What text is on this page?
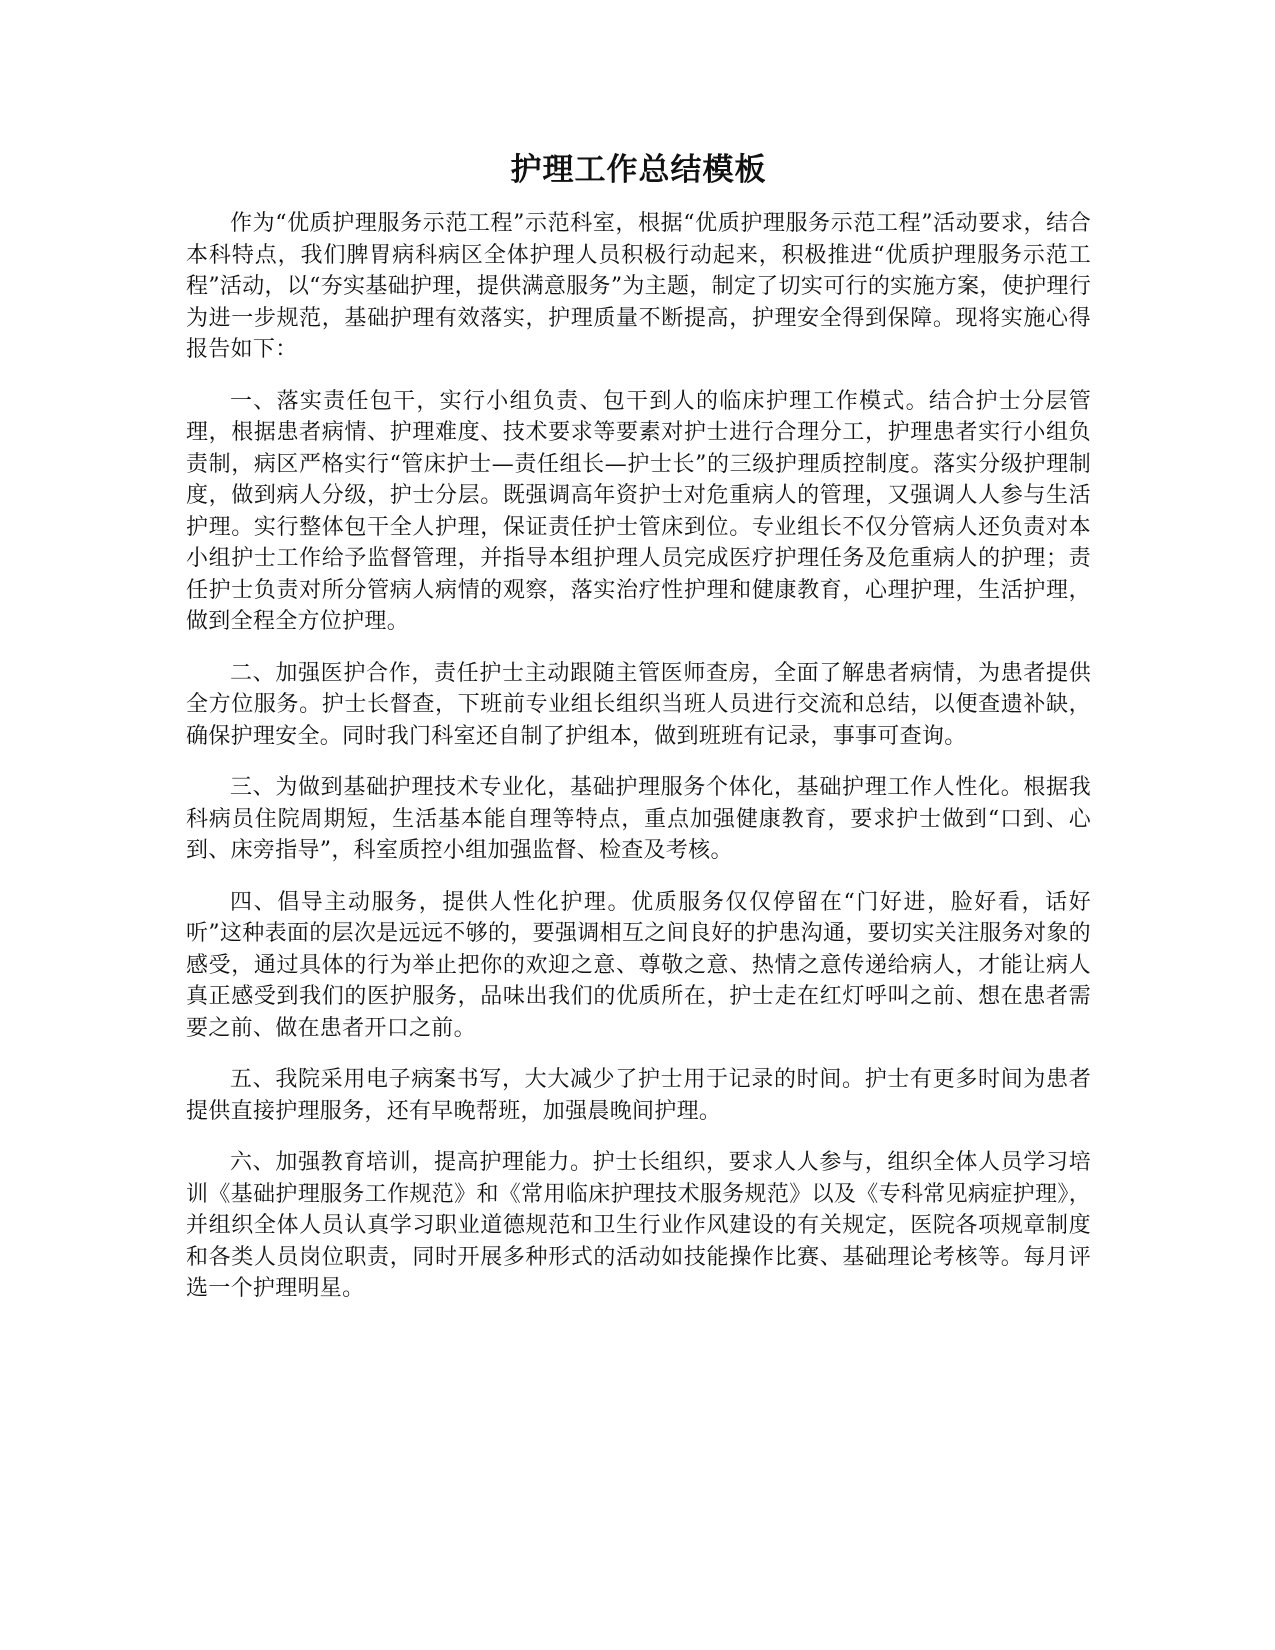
护理工作总结模板

作为“优质护理服务示范工程”示范科室，根据“优质护理服务示范工程”活动要求，结合本科特点，我们脾胃病科病区全体护理人员积极行动起来，积极推进“优质护理服务示范工程”活动，以“夯实基础护理，提供满意服务”为主题，制定了切实可行的实施方案，使护理行为进一步规范，基础护理有效落实，护理质量不断提高，护理安全得到保障。现将实施心得报告如下：

一、落实责任包干，实行小组负责、包干到人的临床护理工作模式。结合护士分层管理，根据患者病情、护理难度、技术要求等要素对护士进行合理分工，护理患者实行小组负责制，病区严格实行“管床护士—责任组长—护士长”的三级护理质控制度。落实分级护理制度，做到病人分级，护士分层。既强调高年资护士对危重病人的管理，又强调人人参与生活护理。实行整体包干全人护理，保证责任护士管床到位。专业组长不仅分管病人还负责对本小组护士工作给予监督管理，并指导本组护理人员完成医疗护理任务及危重病人的护理；责任护士负责对所分管病人病情的观察，落实治疗性护理和健康教育，心理护理，生活护理，做到全程全方位护理。

二、加强医护合作，责任护士主动跟随主管医师查房，全面了解患者病情，为患者提供全方位服务。护士长督查，下班前专业组长组织当班人员进行交流和总结，以便查遗补缺，确保护理安全。同时我门科室还自制了护组本，做到班班有记录，事事可查询。

三、为做到基础护理技术专业化，基础护理服务个体化，基础护理工作人性化。根据我科病员住院周期短，生活基本能自理等特点，重点加强健康教育，要求护士做到“口到、心到、床旁指导”，科室质控小组加强监督、检查及考核。

四、倡导主动服务，提供人性化护理。优质服务仅仅停留在“门好进，脸好看，话好听”这种表面的层次是远远不够的，要强调相互之间良好的护患沟通，要切实关注服务对象的感受，通过具体的行为举止把你的欢迎之意、尊敬之意、热情之意传递给病人，才能让病人真正感受到我们的医护服务，品味出我们的优质所在，护士走在红灯呼叫之前、想在患者需要之前、做在患者开口之前。

五、我院采用电子病案书写，大大减少了护士用于记录的时间。护士有更多时间为患者提供直接护理服务，还有早晚帮班，加强晨晚间护理。

六、加强教育培训，提高护理能力。护士长组织，要求人人参与，组织全体人员学习培训《基础护理服务工作规范》和《常用临床护理技术服务规范》以及《专科常见病症护理》，并组织全体人员认真学习职业道德规范和卫生行业作风建设的有关规定，医院各项规章制度和各类人员岗位职责，同时开展多种形式的活动如技能操作比赛、基础理论考核等。每月评选一个护理明星。
